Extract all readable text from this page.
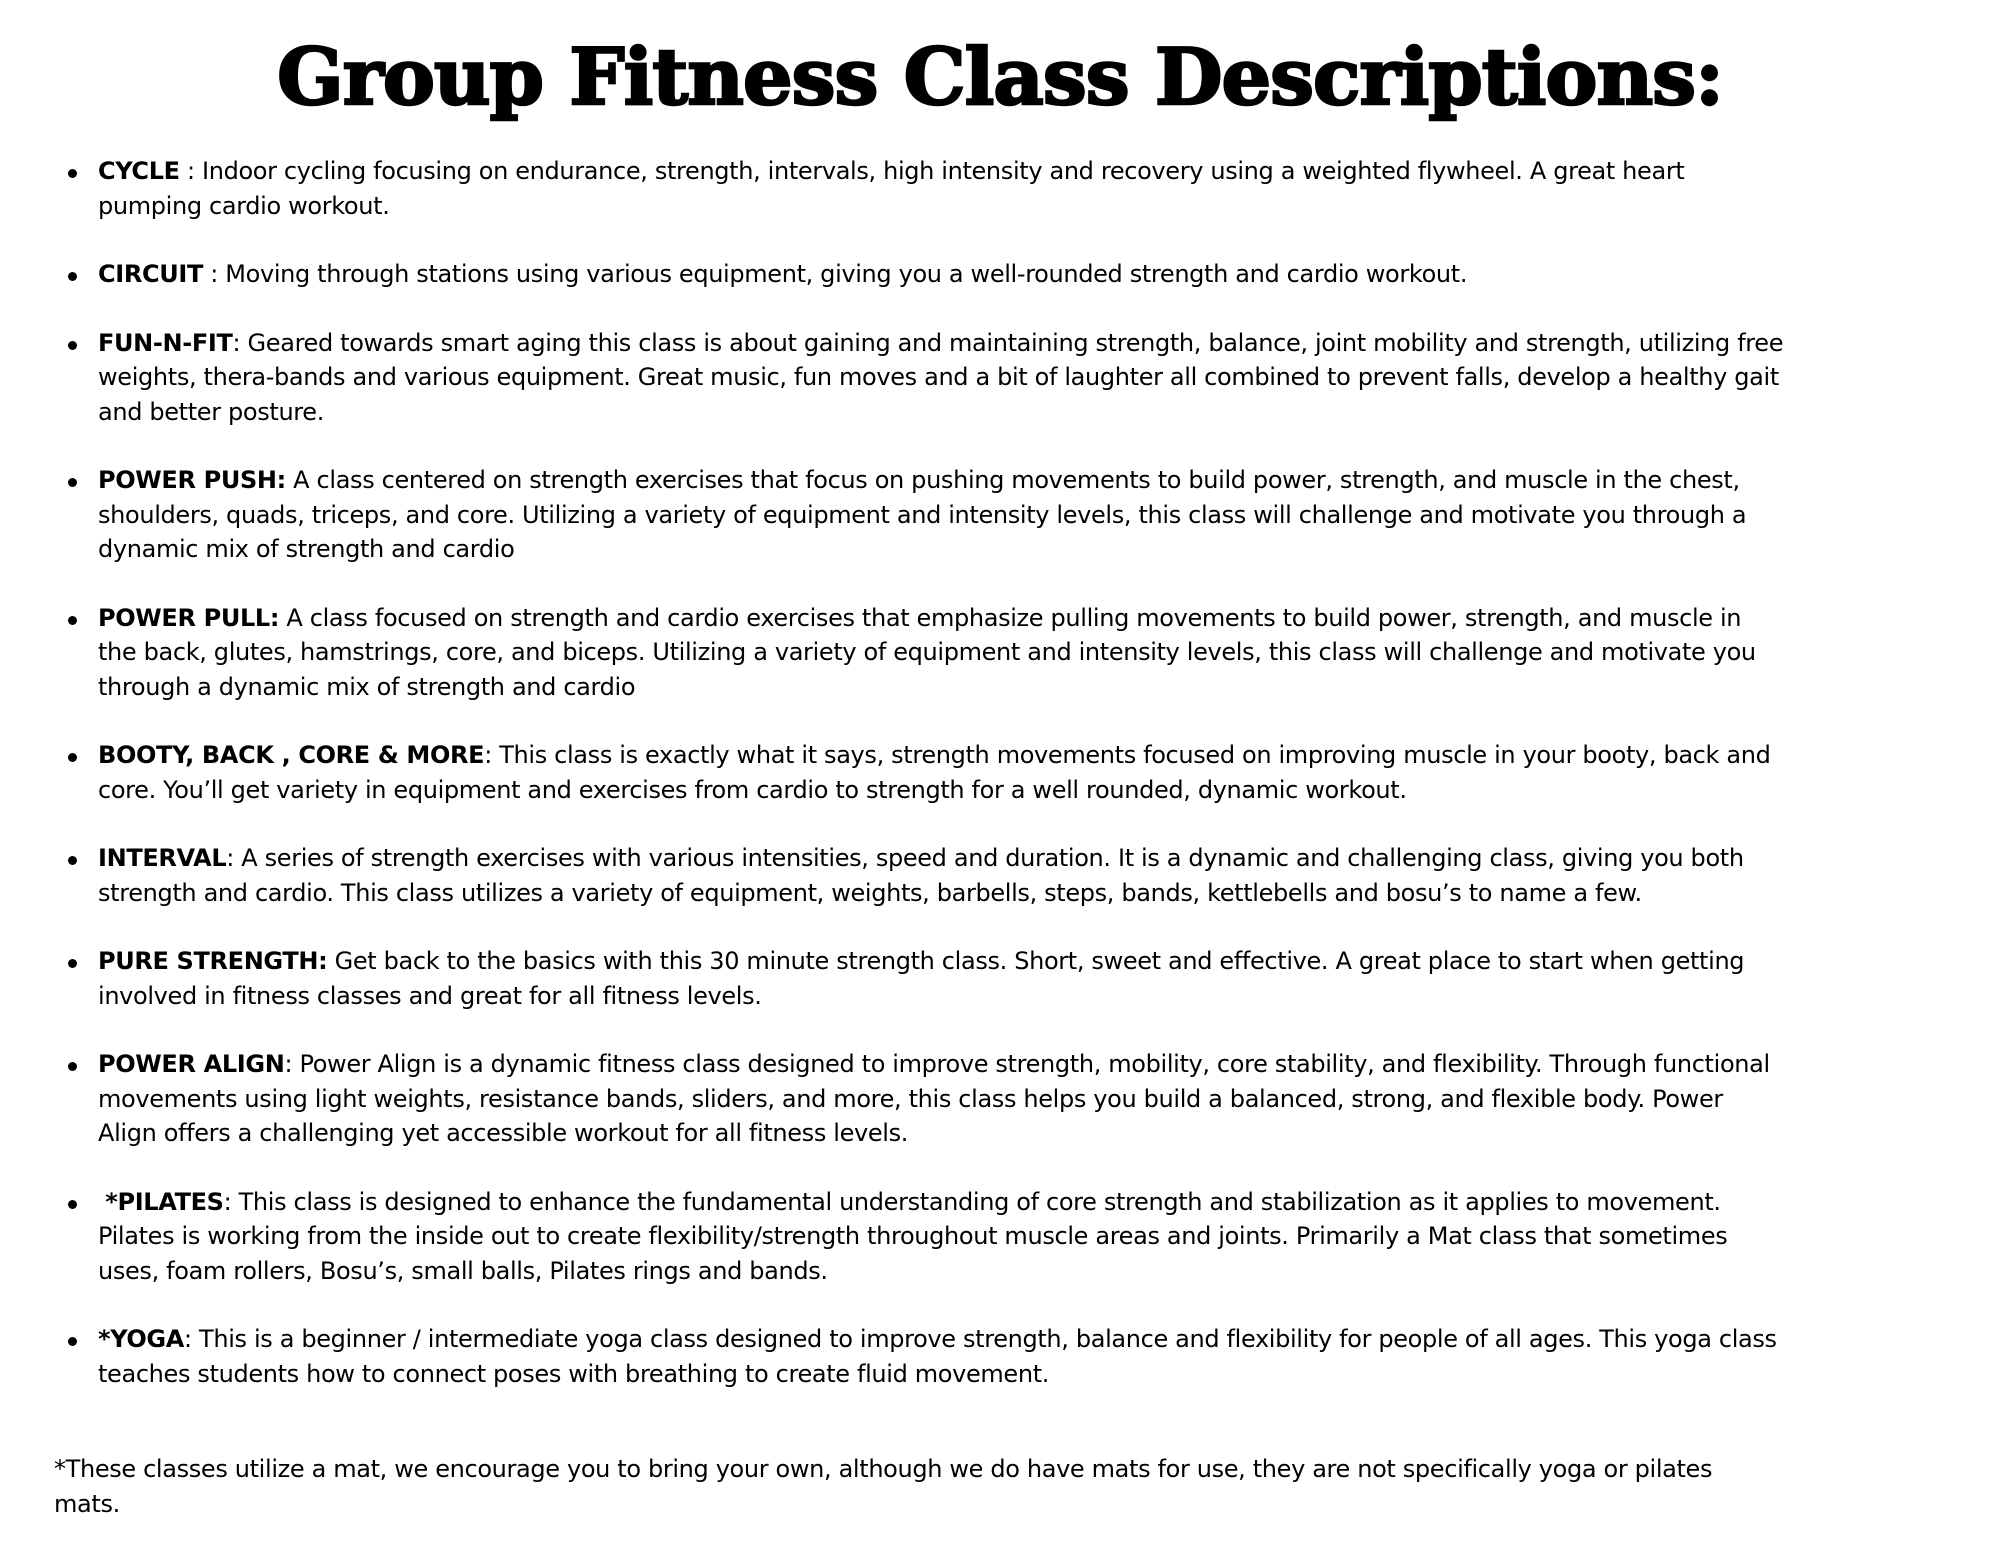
Group Fitness Class Descriptions:
CYCLE : Indoor cycling focusing on endurance, strength, intervals, high intensity and recovery using a weighted flywheel. A great heart pumping cardio workout.
CIRCUIT : Moving through stations using various equipment, giving you a well-rounded strength and cardio workout.
FUN-N-FIT: Geared towards smart aging this class is about gaining and maintaining strength, balance, joint mobility and strength, utilizing free weights, thera-bands and various equipment. Great music, fun moves and a bit of laughter all combined to prevent falls, develop a healthy gait and better posture.
POWER PUSH: A class centered on strength exercises that focus on pushing movements to build power, strength, and muscle in the chest, shoulders, quads, triceps, and core. Utilizing a variety of equipment and intensity levels, this class will challenge and motivate you through a dynamic mix of strength and cardio
POWER PULL: A class focused on strength and cardio exercises that emphasize pulling movements to build power, strength, and muscle in the back, glutes, hamstrings, core, and biceps. Utilizing a variety of equipment and intensity levels, this class will challenge and motivate you through a dynamic mix of strength and cardio
BOOTY, BACK , CORE & MORE: This class is exactly what it says, strength movements focused on improving muscle in your booty, back and core. You’ll get variety in equipment and exercises from cardio to strength for a well rounded, dynamic workout.
INTERVAL: A series of strength exercises with various intensities, speed and duration. It is a dynamic and challenging class, giving you both strength and cardio. This class utilizes a variety of equipment, weights, barbells, steps, bands, kettlebells and bosu’s to name a few.
PURE STRENGTH: Get back to the basics with this 30 minute strength class. Short, sweet and effective. A great place to start when getting involved in fitness classes and great for all fitness levels.
POWER ALIGN: Power Align is a dynamic fitness class designed to improve strength, mobility, core stability, and flexibility. Through functional movements using light weights, resistance bands, sliders, and more, this class helps you build a balanced, strong, and flexible body. Power Align offers a challenging yet accessible workout for all fitness levels.
*PILATES: This class is designed to enhance the fundamental understanding of core strength and stabilization as it applies to movement. Pilates is working from the inside out to create flexibility/strength throughout muscle areas and joints. Primarily a Mat class that sometimes uses, foam rollers, Bosu’s, small balls, Pilates rings and bands.
*YOGA: This is a beginner / intermediate yoga class designed to improve strength, balance and flexibility for people of all ages. This yoga class teaches students how to connect poses with breathing to create fluid movement.

*These classes utilize a mat, we encourage you to bring your own, although we do have mats for use, they are not specifically yoga or pilates mats.
